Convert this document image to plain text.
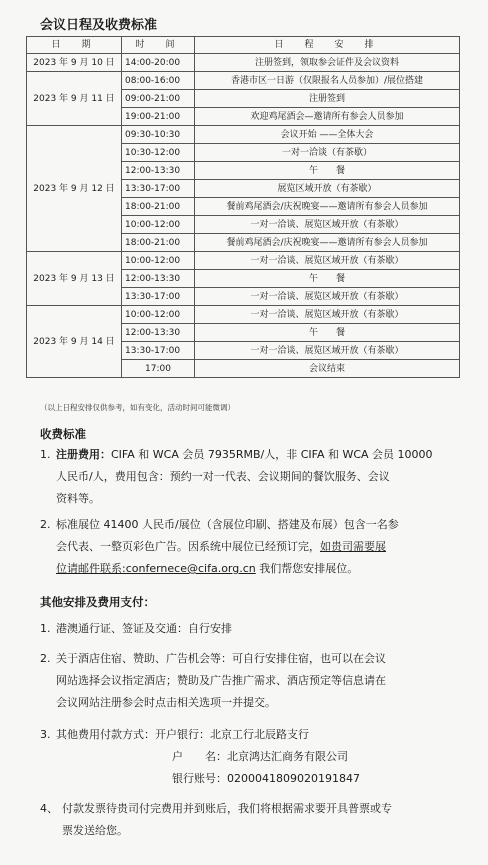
会议日程及收费标准
日　期	时　间	日　程　安　排
2023 年 9 月 10 日	14:00-20:00	注册签到，领取参会证件及会议资料
2023 年 9 月 11 日	08:00-16:00	香港市区一日游（仅限报名人员参加）/展位搭建
	09:00-21:00	注册签到
	19:00-21:00	欢迎鸡尾酒会—邀请所有参会人员参加
2023 年 9 月 12 日	09:30-10:30	会议开始 ——全体大会
	10:30-12:00	一对一洽谈（有茶歇）
	12:00-13:30	午　　餐
	13:30-17:00	展览区域开放（有茶歇）
	18:00-21:00	餐前鸡尾酒会/庆祝晚宴——邀请所有参会人员参加
	10:00-12:00	一对一洽谈、展览区域开放（有茶歇）
	18:00-21:00	餐前鸡尾酒会/庆祝晚宴——邀请所有参会人员参加
2023 年 9 月 13 日	10:00-12:00	一对一洽谈、展览区域开放（有茶歇）
	12:00-13:30	午　　餐
	13:30-17:00	一对一洽谈、展览区域开放（有茶歇）
2023 年 9 月 14 日	10:00-12:00	一对一洽谈、展览区域开放（有茶歇）
	12:00-13:30	午　　餐
	13:30-17:00	一对一洽谈、展览区域开放（有茶歇）
	17:00	会议结束
（以上日程安排仅供参考，如有变化，活动时间可能微调）
收费标准
1. 注册费用：CIFA 和 WCA 会员 7935RMB/人，非 CIFA 和 WCA 会员 10000
人民币/人，费用包含：预约一对一代表、会议期间的餐饮服务、会议
资料等。
2. 标准展位 41400 人民币/展位（含展位印刷、搭建及布展）包含一名参
会代表、一整页彩色广告。因系统中展位已经预订完，如贵司需要展
位请邮件联系:confernece@cifa.org.cn 我们帮您安排展位。
其他安排及费用支付：
1. 港澳通行证、签证及交通：自行安排
2. 关于酒店住宿、赞助、广告机会等：可自行安排住宿，也可以在会议
网站选择会议指定酒店；赞助及广告推广需求、酒店预定等信息请在
会议网站注册参会时点击相关选项一并提交。
3. 其他费用付款方式：开户银行：北京工行北辰路支行
户　　名：北京鸿达汇商务有限公司
银行账号：0200041809020191847
4、 付款发票待贵司付完费用并到账后，我们将根据需求要开具普票或专
票发送给您。
